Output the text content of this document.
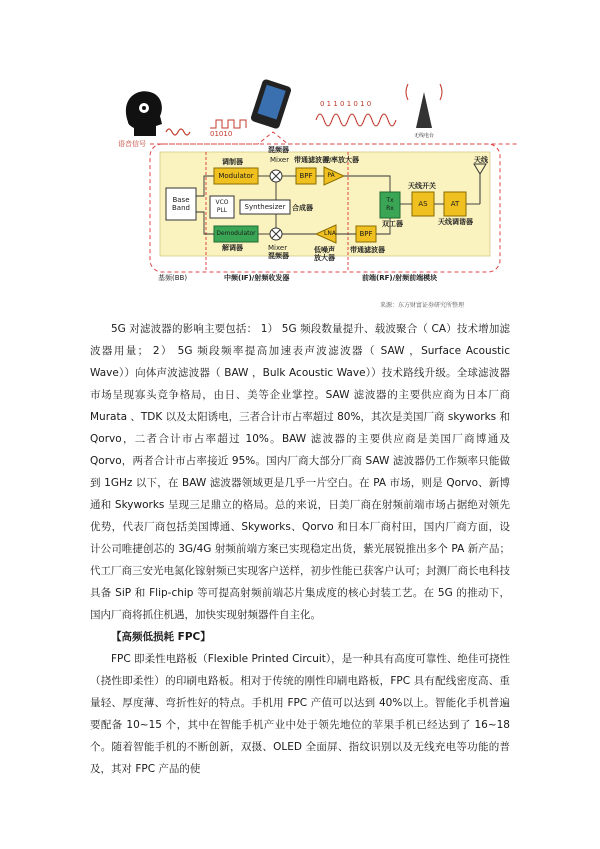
语音信号
01010
0 1 1 0 1 0 1 0
无线电台
混频器
Mixer 带通滤波器
功率放大器
调制器
Modulator
Base
Band
VCO
PLL	Synthesizer 合成器
Demodulator
解调器	Mixer
混频器
LNA
低噪声
放大器
BPF	PA
BPF
带通滤波器
Tx
Rx
双工器
AS
天线开关
AT
天线调谐器
天线
基频(BB)	中频(IF)/射频收发器	前端(RF)/射频前端模块
来源：东方财富证券研究所整理

5G 对滤波器的影响主要包括： 1） 5G 频段数量提升、载波聚合（ CA）技术增加滤波器用量； 2） 5G 频段频率提高加速表声波滤波器（ SAW ，Surface Acoustic Wave））向体声波滤波器（ BAW ，Bulk Acoustic Wave））技术路线升级。全球滤波器市场呈现寡头竞争格局，由日、美等企业掌控。SAW 滤波器的主要供应商为日本厂商 Murata 、TDK 以及太阳诱电，三者合计市占率超过 80%，其次是美国厂商 skyworks 和 Qorvo，二者合计市占率超过 10%。BAW 滤波器的主要供应商是美国厂商博通及 Qorvo，两者合计市占率接近 95%。国内厂商大部分厂商 SAW 滤波器仍工作频率只能做到 1GHz 以下，在 BAW 滤波器领域更是几乎一片空白。在 PA 市场，则是 Qorvo、新博通和 Skyworks 呈现三足鼎立的格局。总的来说，日美厂商在射频前端市场占据绝对领先优势，代表厂商包括美国博通、Skyworks、Qorvo 和日本厂商村田，国内厂商方面，设计公司唯捷创芯的 3G/4G 射频前端方案已实现稳定出货，紫光展锐推出多个 PA 新产品；代工厂商三安光电氮化镓射频已实现客户送样，初步性能已获客户认可；封测厂商长电科技具备 SiP 和 Flip-chip 等可提高射频前端芯片集成度的核心封装工艺。在 5G 的推动下，国内厂商将抓住机遇，加快实现射频器件自主化。

【高频低损耗 FPC】

FPC 即柔性电路板（Flexible Printed Circuit），是一种具有高度可靠性、绝佳可挠性（挠性即柔性）的印刷电路板。相对于传统的刚性印刷电路板，FPC 具有配线密度高、重量轻、厚度薄、弯折性好的特点。手机用 FPC 产值可以达到 40%以上。智能化手机普遍要配备 10~15 个，其中在智能手机产业中处于领先地位的苹果手机已经达到了 16~18 个。随着智能手机的不断创新，双摄、OLED 全面屏、指纹识别以及无线充电等功能的普及，其对 FPC 产品的使
